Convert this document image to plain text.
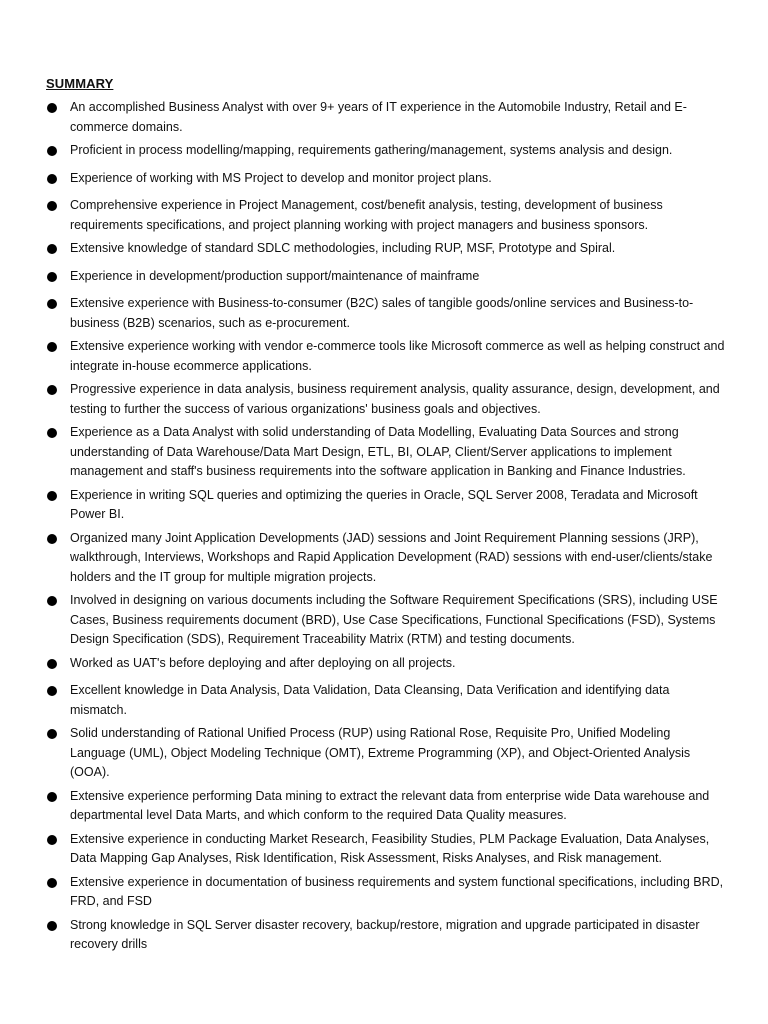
SUMMARY
An accomplished Business Analyst with over 9+ years of IT experience in the Automobile Industry, Retail and E-commerce domains.
Proficient in process modelling/mapping, requirements gathering/management, systems analysis and design.
Experience of working with MS Project to develop and monitor project plans.
Comprehensive experience in Project Management, cost/benefit analysis, testing, development of business requirements specifications, and project planning working with project managers and business sponsors.
Extensive knowledge of standard SDLC methodologies, including RUP, MSF, Prototype and Spiral.
Experience in development/production support/maintenance of mainframe
Extensive experience with Business-to-consumer (B2C) sales of tangible goods/online services and Business-to-business (B2B) scenarios, such as e-procurement.
Extensive experience working with vendor e-commerce tools like Microsoft commerce as well as helping construct and integrate in-house ecommerce applications.
Progressive experience in data analysis, business requirement analysis, quality assurance, design, development, and testing to further the success of various organizations' business goals and objectives.
Experience as a Data Analyst with solid understanding of Data Modelling, Evaluating Data Sources and strong understanding of Data Warehouse/Data Mart Design, ETL, BI, OLAP, Client/Server applications to implement management and staff's business requirements into the software application in Banking and Finance Industries.
Experience in writing SQL queries and optimizing the queries in Oracle, SQL Server 2008, Teradata and Microsoft Power BI.
Organized many Joint Application Developments (JAD) sessions and Joint Requirement Planning sessions (JRP), walkthrough, Interviews, Workshops and Rapid Application Development (RAD) sessions with end-user/clients/stake holders and the IT group for multiple migration projects.
Involved in designing on various documents including the Software Requirement Specifications (SRS), including USE Cases, Business requirements document (BRD), Use Case Specifications, Functional Specifications (FSD), Systems Design Specification (SDS), Requirement Traceability Matrix (RTM) and testing documents.
Worked as UAT's before deploying and after deploying on all projects.
Excellent knowledge in Data Analysis, Data Validation, Data Cleansing, Data Verification and identifying data mismatch.
Solid understanding of Rational Unified Process (RUP) using Rational Rose, Requisite Pro, Unified Modeling Language (UML), Object Modeling Technique (OMT), Extreme Programming (XP), and Object-Oriented Analysis (OOA).
Extensive experience performing Data mining to extract the relevant data from enterprise wide Data warehouse and departmental level Data Marts, and which conform to the required Data Quality measures.
Extensive experience in conducting Market Research, Feasibility Studies, PLM Package Evaluation, Data Analyses, Data Mapping Gap Analyses, Risk Identification, Risk Assessment, Risks Analyses, and Risk management.
Extensive experience in documentation of business requirements and system functional specifications, including BRD, FRD, and FSD
Strong knowledge in SQL Server disaster recovery, backup/restore, migration and upgrade participated in disaster recovery drills
